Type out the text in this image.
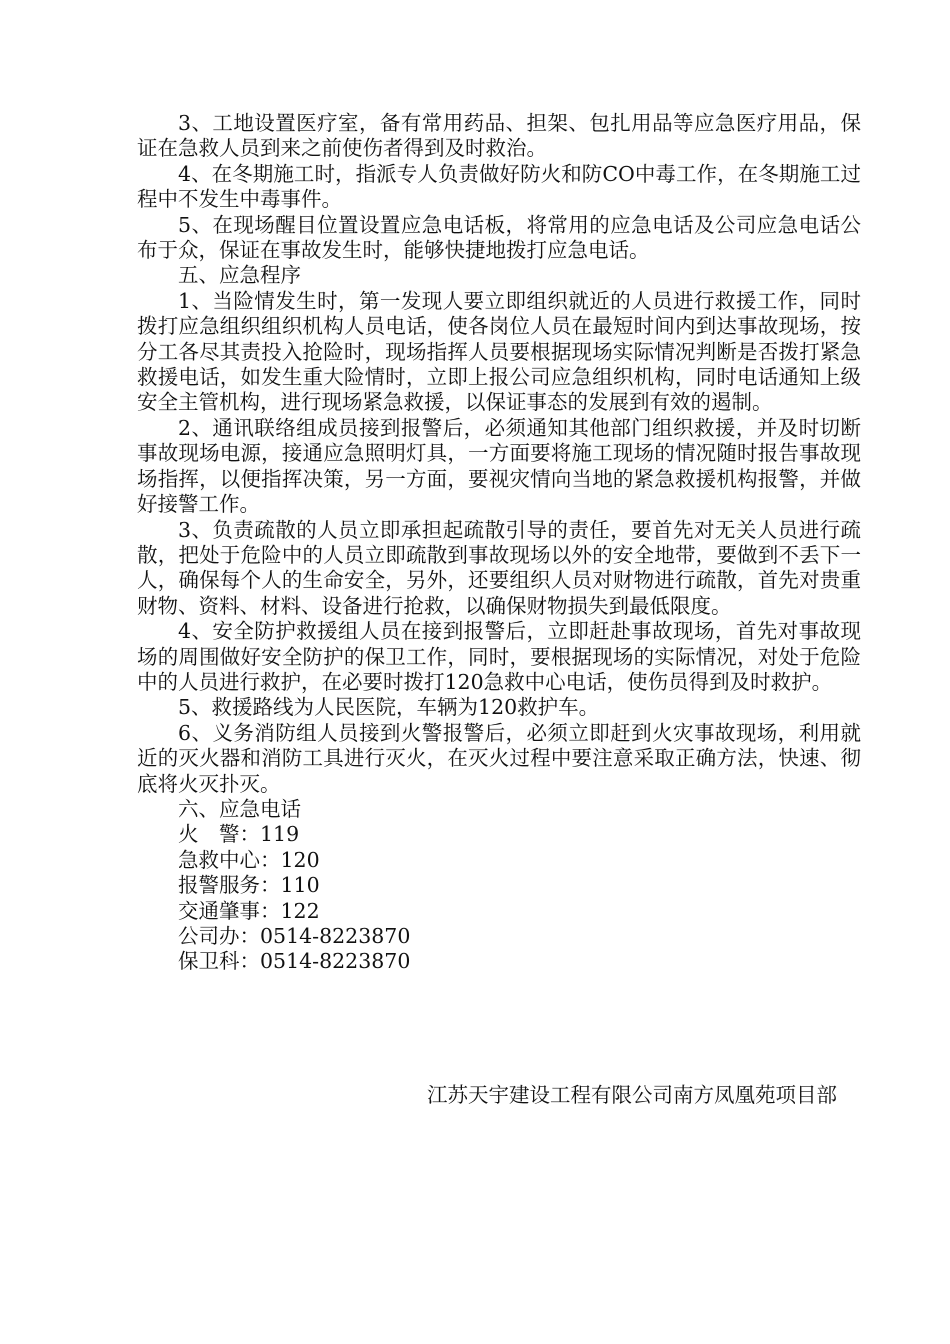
3、工地设置医疗室，备有常用药品、担架、包扎用品等应急医疗用品，保证在急救人员到来之前使伤者得到及时救治。

4、在冬期施工时，指派专人负责做好防火和防CO中毒工作，在冬期施工过程中不发生中毒事件。

5、在现场醒目位置设置应急电话板，将常用的应急电话及公司应急电话公布于众，保证在事故发生时，能够快捷地拨打应急电话。

五、应急程序

1、当险情发生时，第一发现人要立即组织就近的人员进行救援工作，同时拨打应急组织组织机构人员电话，使各岗位人员在最短时间内到达事故现场，按分工各尽其责投入抢险时，现场指挥人员要根据现场实际情况判断是否拨打紧急救援电话，如发生重大险情时，立即上报公司应急组织机构，同时电话通知上级安全主管机构，进行现场紧急救援，以保证事态的发展到有效的遏制。

2、通讯联络组成员接到报警后，必须通知其他部门组织救援，并及时切断事故现场电源，接通应急照明灯具，一方面要将施工现场的情况随时报告事故现场指挥，以便指挥决策，另一方面，要视灾情向当地的紧急救援机构报警，并做好接警工作。

3、负责疏散的人员立即承担起疏散引导的责任，要首先对无关人员进行疏散，把处于危险中的人员立即疏散到事故现场以外的安全地带，要做到不丢下一人，确保每个人的生命安全，另外，还要组织人员对财物进行疏散，首先对贵重财物、资料、材料、设备进行抢救，以确保财物损失到最低限度。

4、安全防护救援组人员在接到报警后，立即赶赴事故现场，首先对事故现场的周围做好安全防护的保卫工作，同时，要根据现场的实际情况，对处于危险中的人员进行救护，在必要时拨打120急救中心电话，使伤员得到及时救护。

5、救援路线为人民医院，车辆为120救护车。

6、义务消防组人员接到火警报警后，必须立即赶到火灾事故现场，利用就近的灭火器和消防工具进行灭火，在灭火过程中要注意采取正确方法，快速、彻底将火灭扑灭。

六、应急电话

火　警：119

急救中心：120

报警服务：110

交通肇事：122

公司办：0514-8223870

保卫科：0514-8223870

江苏天宇建设工程有限公司南方凤凰苑项目部
